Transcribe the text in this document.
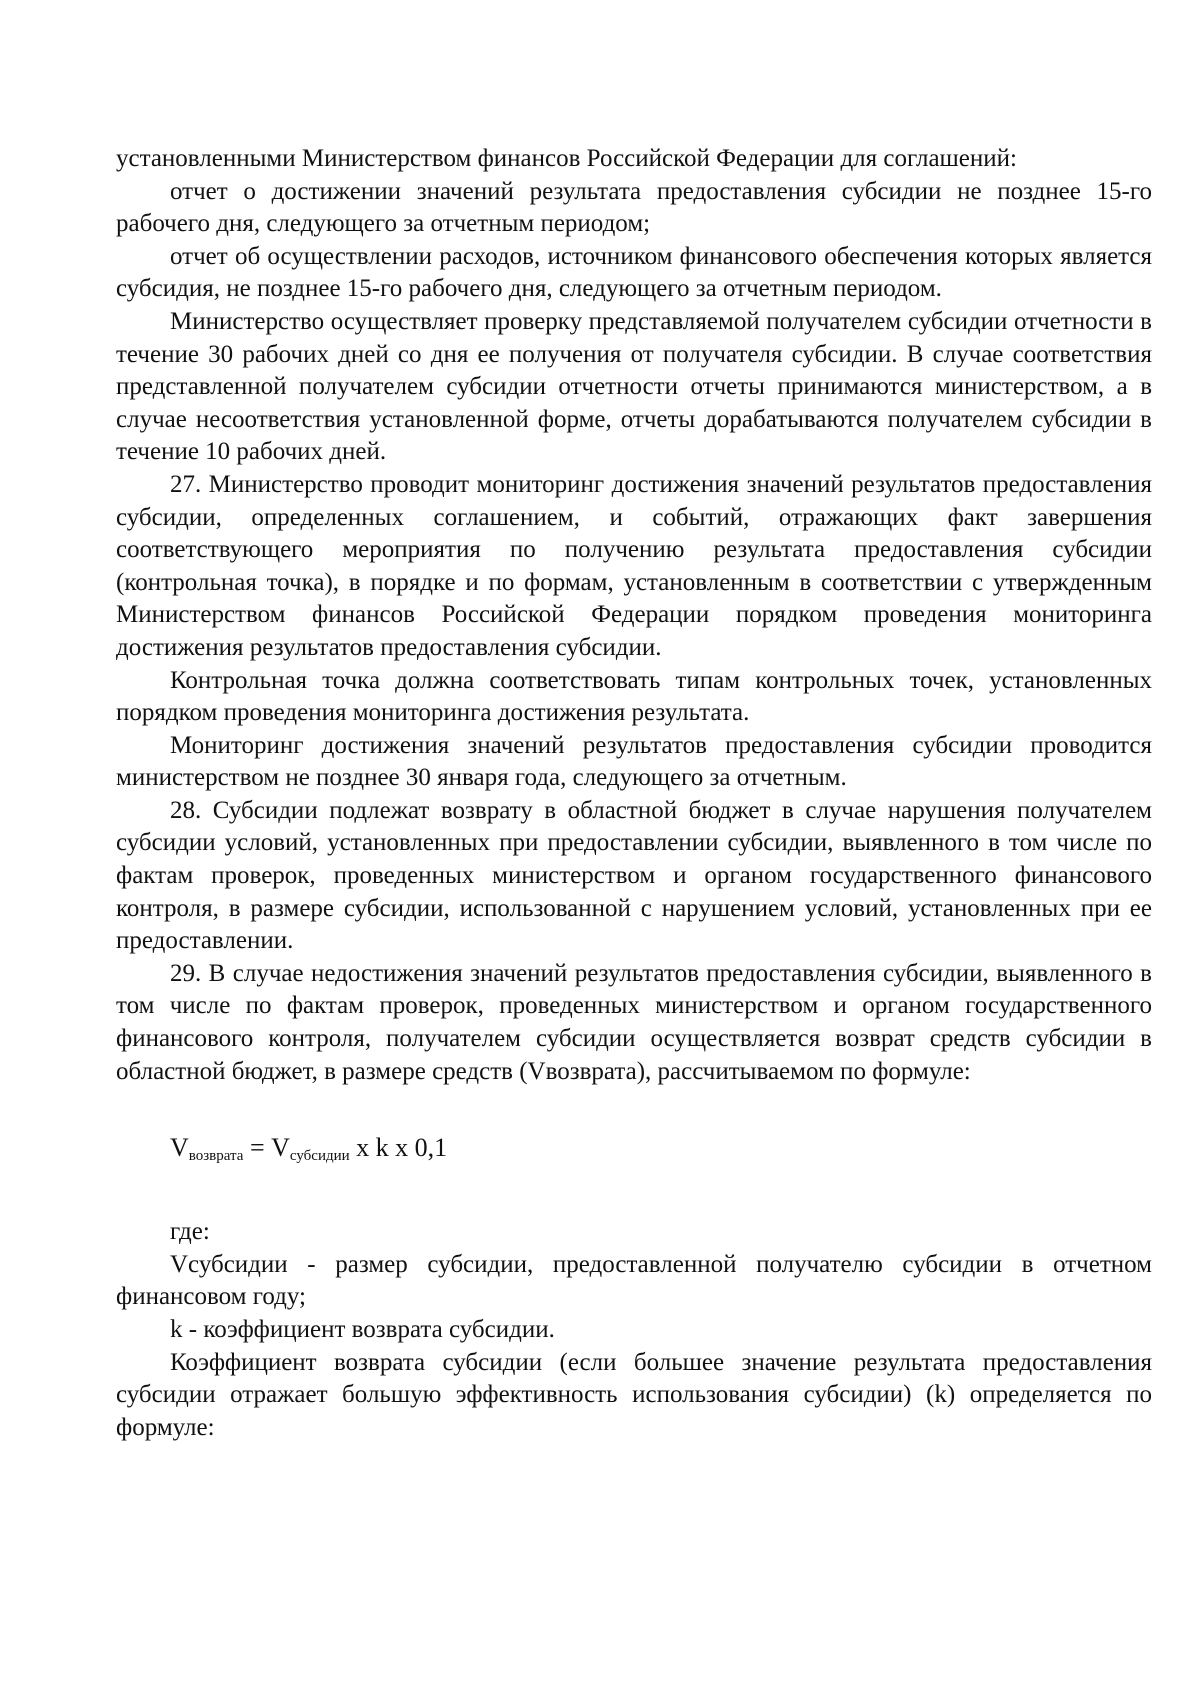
установленными Министерством финансов Российской Федерации для соглашений:

отчет о достижении значений результата предоставления субсидии не позднее 15-го рабочего дня, следующего за отчетным периодом;

отчет об осуществлении расходов, источником финансового обеспечения которых является субсидия, не позднее 15-го рабочего дня, следующего за отчетным периодом.

Министерство осуществляет проверку представляемой получателем субсидии отчетности в течение 30 рабочих дней со дня ее получения от получателя субсидии. В случае соответствия представленной получателем субсидии отчетности отчеты принимаются министерством, а в случае несоответствия установленной форме, отчеты дорабатываются получателем субсидии в течение 10 рабочих дней.

27. Министерство проводит мониторинг достижения значений результатов предоставления субсидии, определенных соглашением, и событий, отражающих факт завершения соответствующего мероприятия по получению результата предоставления субсидии (контрольная точка), в порядке и по формам, установленным в соответствии с утвержденным Министерством финансов Российской Федерации порядком проведения мониторинга достижения результатов предоставления субсидии.

Контрольная точка должна соответствовать типам контрольных точек, установленных порядком проведения мониторинга достижения результата.

Мониторинг достижения значений результатов предоставления субсидии проводится министерством не позднее 30 января года, следующего за отчетным.

28. Субсидии подлежат возврату в областной бюджет в случае нарушения получателем субсидии условий, установленных при предоставлении субсидии, выявленного в том числе по фактам проверок, проведенных министерством и органом государственного финансового контроля, в размере субсидии, использованной с нарушением условий, установленных при ее предоставлении.

29. В случае недостижения значений результатов предоставления субсидии, выявленного в том числе по фактам проверок, проведенных министерством и органом государственного финансового контроля, получателем субсидии осуществляется возврат средств субсидии в областной бюджет, в размере средств (Vвозврата), рассчитываемом по формуле:

$V_{возврата} = V_{субсидии}$ x k x 0,1

где:

Vсубсидии - размер субсидии, предоставленной получателю субсидии в отчетном финансовом году;

k - коэффициент возврата субсидии.

Коэффициент возврата субсидии (если большее значение результата предоставления субсидии отражает большую эффективность использования субсидии) (k) определяется по формуле:
